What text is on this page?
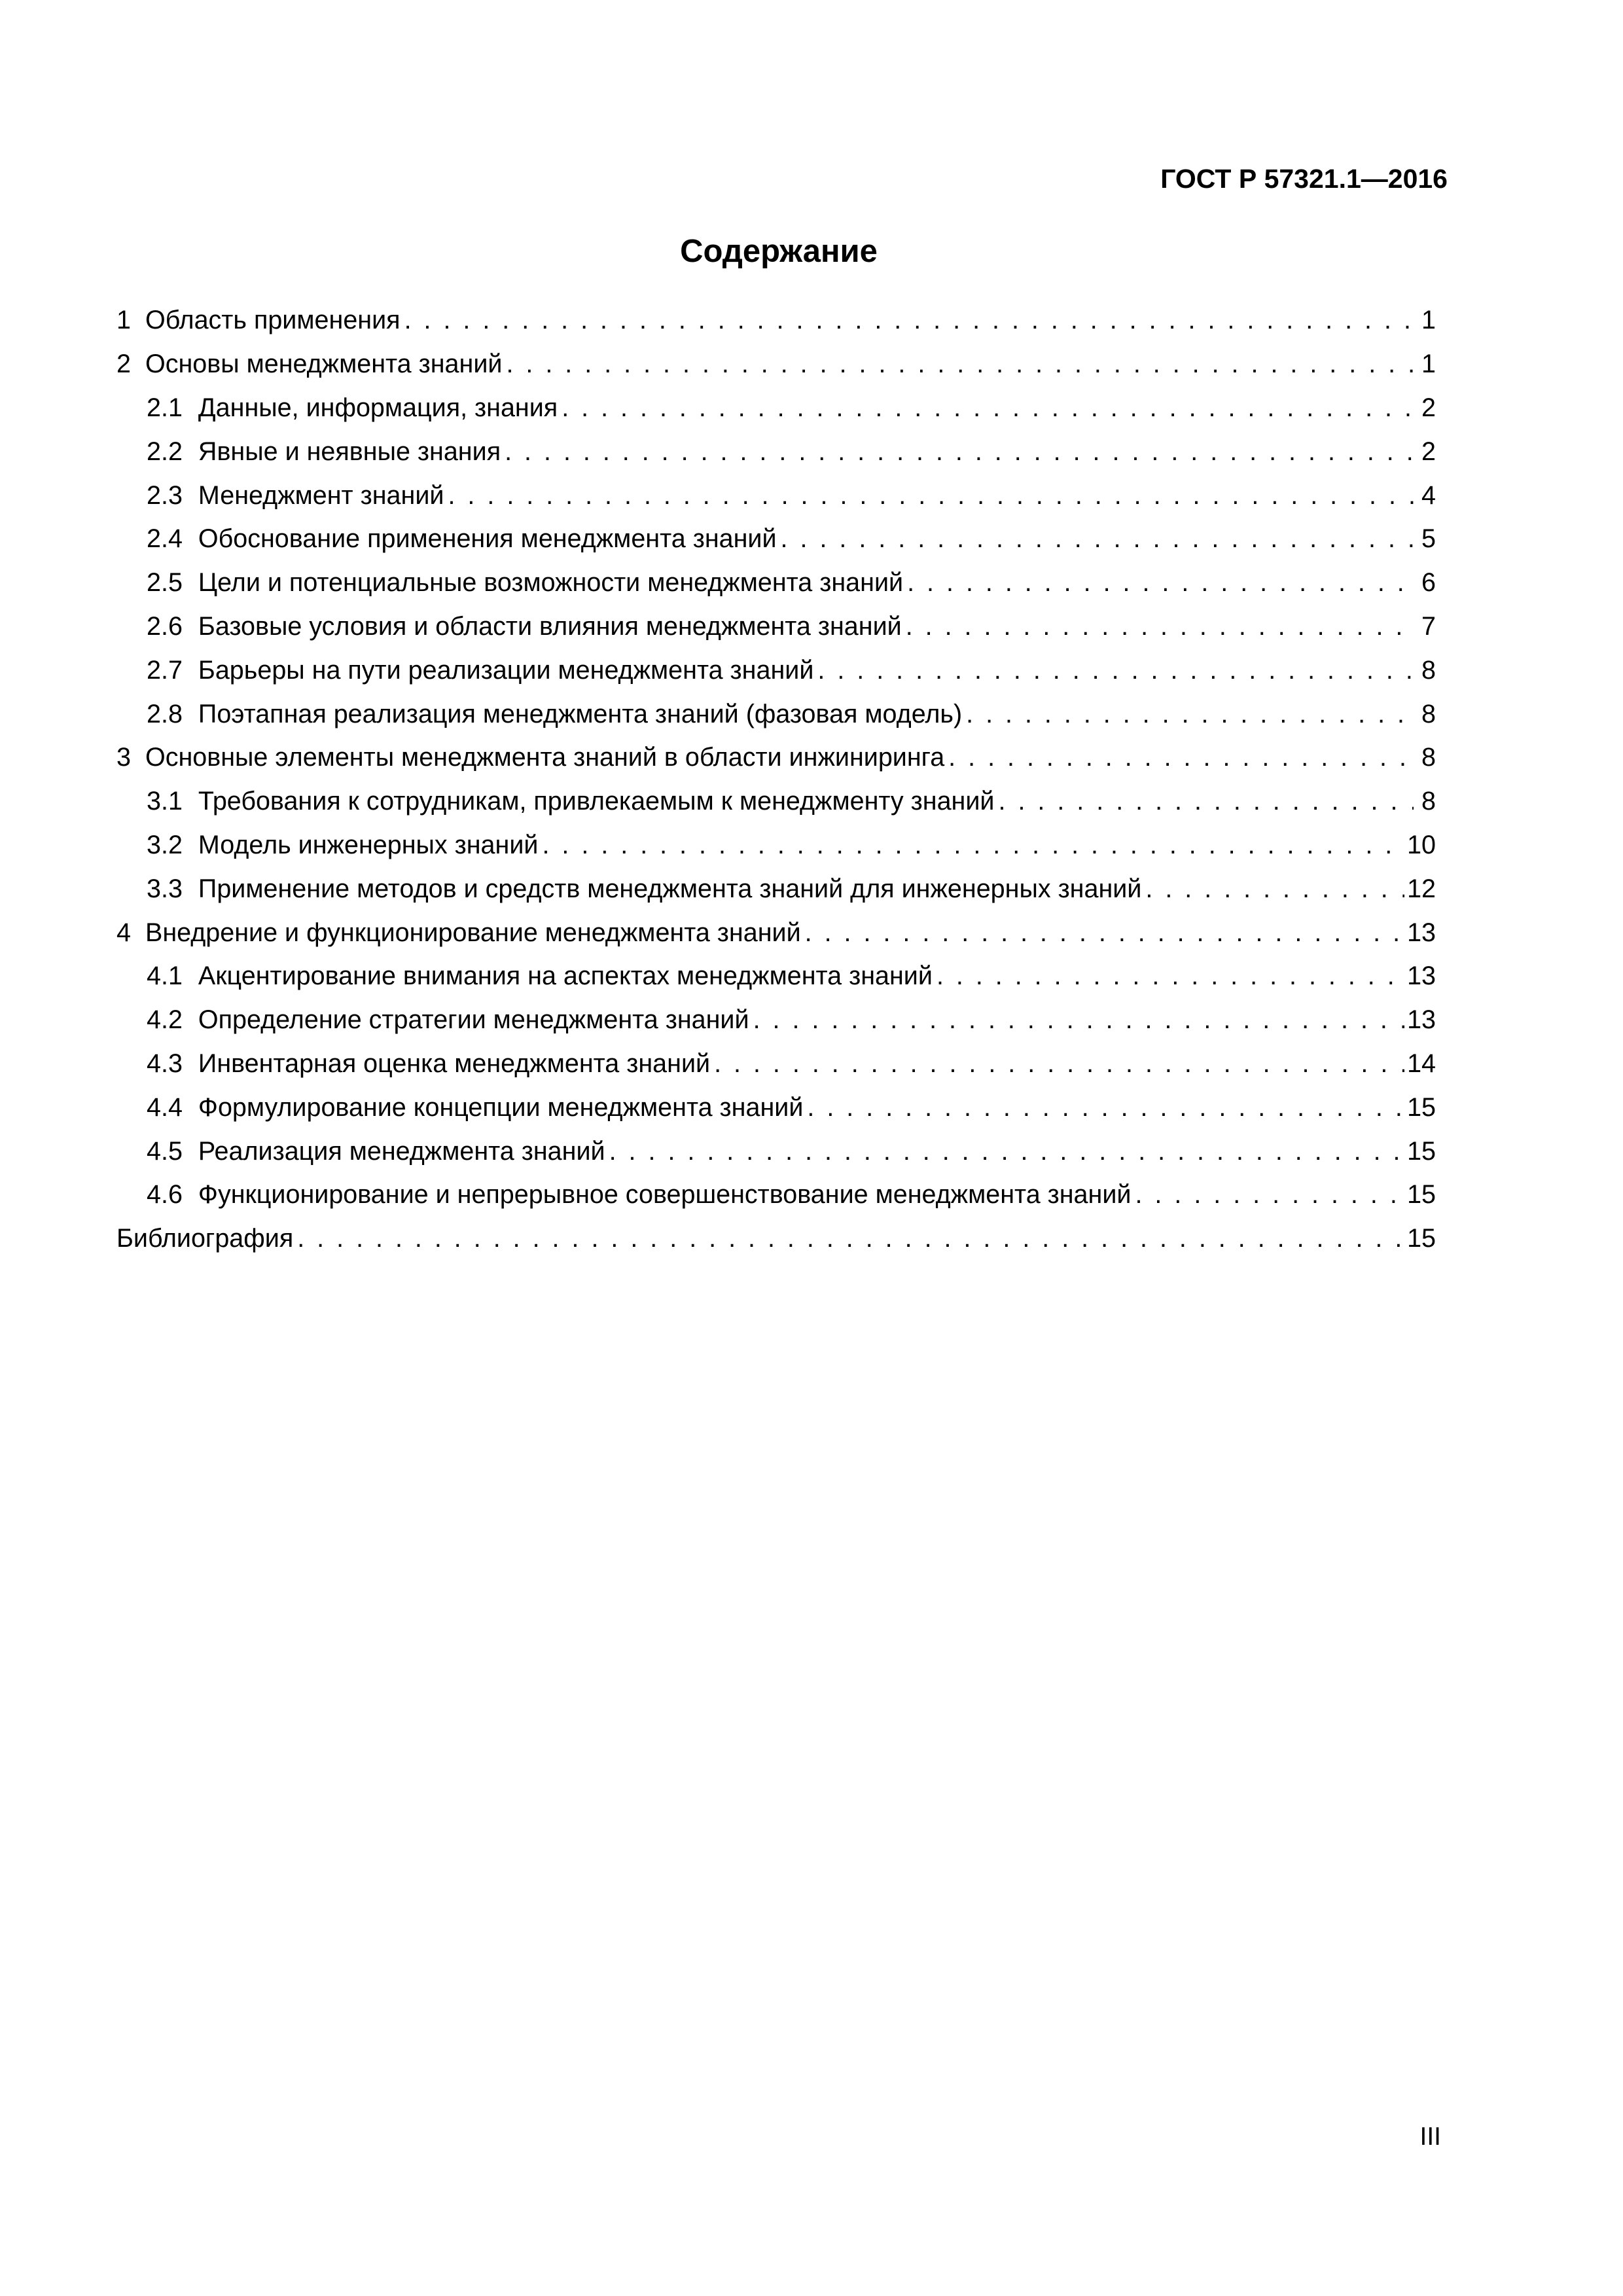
ГОСТ Р 57321.1—2016
Содержание
1 Область применения . . .	1
2 Основы менеджмента знаний . . .	1
2.1 Данные, информация, знания . . .	2
2.2 Явные и неявные знания . . .	2
2.3 Менеджмент знаний . . .	4
2.4 Обоснование применения менеджмента знаний . . .	5
2.5 Цели и потенциальные возможности менеджмента знаний . . .	6
2.6 Базовые условия и области влияния менеджмента знаний . . .	7
2.7 Барьеры на пути реализации менеджмента знаний . . .	8
2.8 Поэтапная реализация менеджмента знаний (фазовая модель) . . .	8
3 Основные элементы менеджмента знаний в области инжиниринга . . .	8
3.1 Требования к сотрудникам, привлекаемым к менеджменту знаний . . .	8
3.2 Модель инженерных знаний . . .	10
3.3 Применение методов и средств менеджмента знаний для инженерных знаний . . .	12
4 Внедрение и функционирование менеджмента знаний . . .	13
4.1 Акцентирование внимания на аспектах менеджмента знаний . . .	13
4.2 Определение стратегии менеджмента знаний . . .	13
4.3 Инвентарная оценка менеджмента знаний . . .	14
4.4 Формулирование концепции менеджмента знаний . . .	15
4.5 Реализация менеджмента знаний . . .	15
4.6 Функционирование и непрерывное совершенствование менеджмента знаний . . .	15
Библиография . . .	15
III
